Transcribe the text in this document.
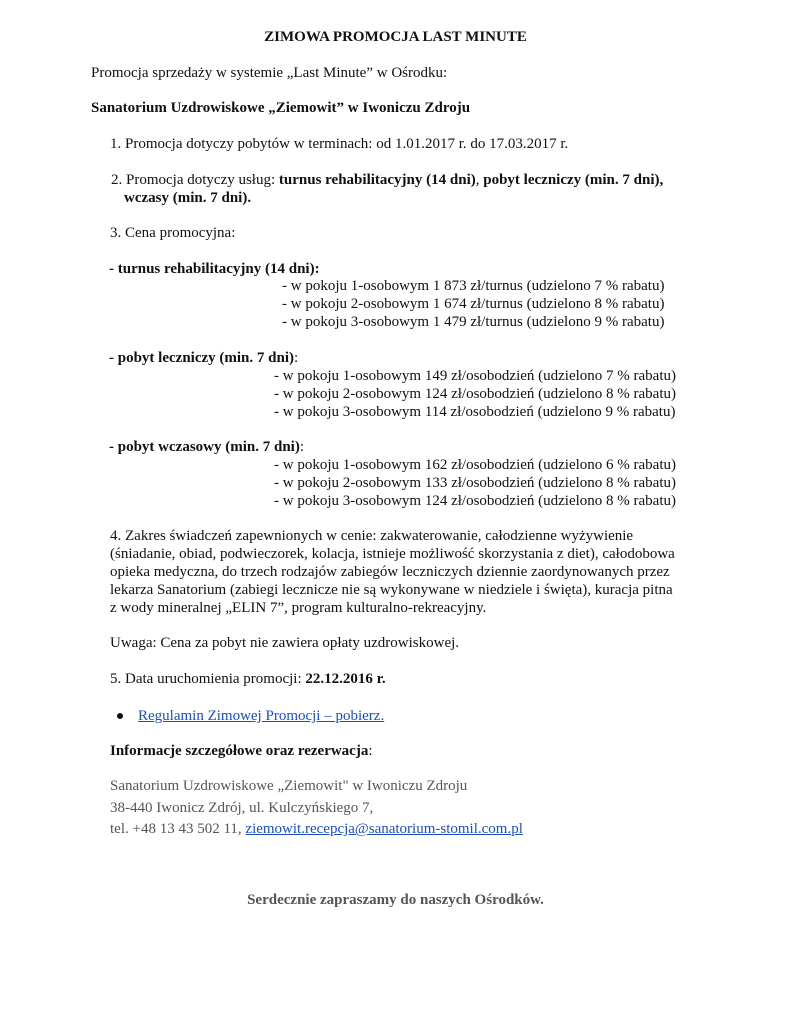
ZIMOWA PROMOCJA LAST MINUTE
Promocja sprzedaży w systemie „Last Minute” w Ośrodku:
Sanatorium Uzdrowiskowe „Ziemowit” w Iwoniczu Zdroju
1. Promocja dotyczy pobytów w terminach: od 1.01.2017 r. do 17.03.2017 r.
2. Promocja dotyczy usług: turnus rehabilitacyjny (14 dni), pobyt leczniczy (min. 7 dni),
wczasy (min. 7 dni).
3. Cena promocyjna:
- turnus rehabilitacyjny (14 dni):
- w pokoju 1-osobowym 1 873 zł/turnus (udzielono 7 % rabatu)
- w pokoju 2-osobowym 1 674 zł/turnus (udzielono 8 % rabatu)
- w pokoju 3-osobowym 1 479 zł/turnus (udzielono 9 % rabatu)
- pobyt leczniczy (min. 7 dni):
- w pokoju 1-osobowym 149 zł/osobodzień (udzielono 7 % rabatu)
- w pokoju 2-osobowym 124 zł/osobodzień (udzielono 8 % rabatu)
- w pokoju 3-osobowym 114 zł/osobodzień (udzielono 9 % rabatu)
- pobyt wczasowy (min. 7 dni):
- w pokoju 1-osobowym 162 zł/osobodzień (udzielono 6 % rabatu)
- w pokoju 2-osobowym 133 zł/osobodzień (udzielono 8 % rabatu)
- w pokoju 3-osobowym 124 zł/osobodzień (udzielono 8 % rabatu)
4. Zakres świadczeń zapewnionych w cenie: zakwaterowanie, całodzienne wyżywienie
(śniadanie, obiad, podwieczorek, kolacja, istnieje możliwość skorzystania z diet), całodobowa
opieka medyczna, do trzech rodzajów zabiegów leczniczych dziennie zaordynowanych przez
lekarza Sanatorium (zabiegi lecznicze nie są wykonywane w niedziele i święta), kuracja pitna
z wody mineralnej „ELIN 7”, program kulturalno-rekreacyjny.
Uwaga: Cena za pobyt nie zawiera opłaty uzdrowiskowej.
5. Data uruchomienia promocji: 22.12.2016 r.
Regulamin Zimowej Promocji – pobierz.
Informacje szczegółowe oraz rezerwacja:
Sanatorium Uzdrowiskowe „Ziemowit" w Iwoniczu Zdroju
38-440 Iwonicz Zdrój, ul. Kulczyńskiego 7,
tel. +48 13 43 502 11, ziemowit.recepcja@sanatorium-stomil.com.pl
Serdecznie zapraszamy do naszych Ośrodków.
